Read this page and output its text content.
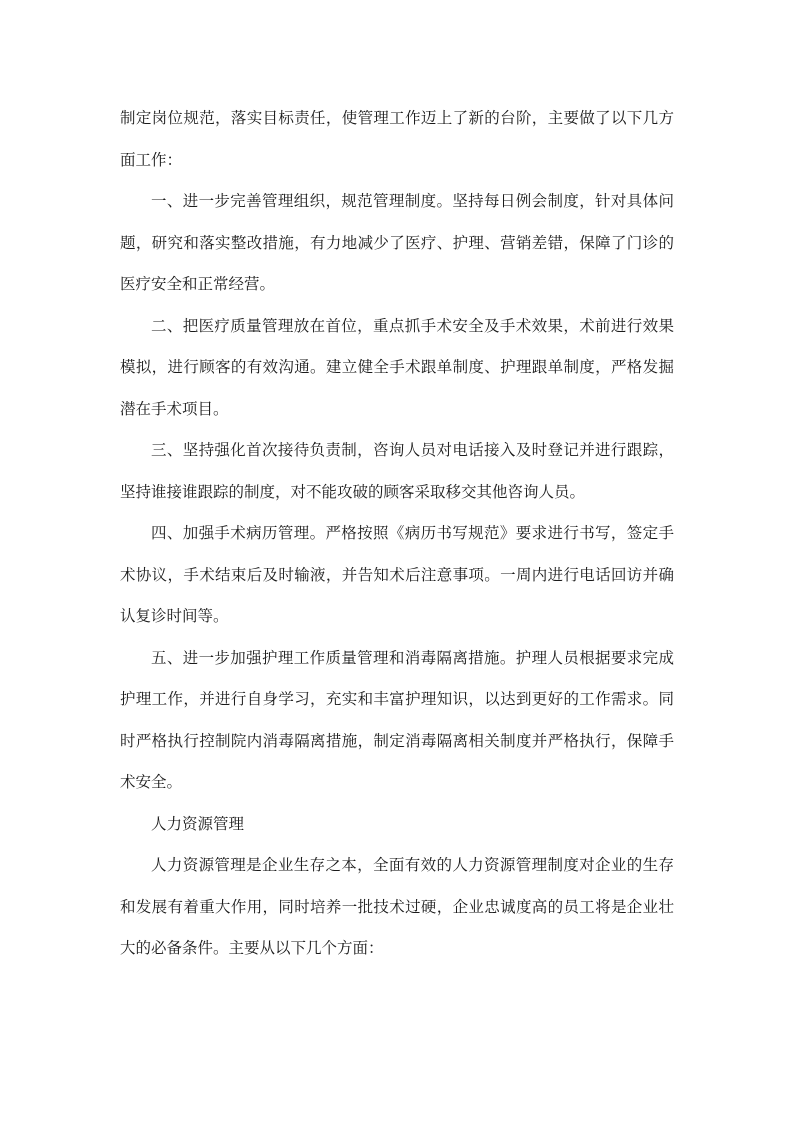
制定岗位规范，落实目标责任，使管理工作迈上了新的台阶，主要做了以下几方面工作：

一、进一步完善管理组织，规范管理制度。坚持每日例会制度，针对具体问题，研究和落实整改措施，有力地减少了医疗、护理、营销差错，保障了门诊的医疗安全和正常经营。

二、把医疗质量管理放在首位，重点抓手术安全及手术效果，术前进行效果模拟，进行顾客的有效沟通。建立健全手术跟单制度、护理跟单制度，严格发掘潜在手术项目。

三、坚持强化首次接待负责制，咨询人员对电话接入及时登记并进行跟踪，坚持谁接谁跟踪的制度，对不能攻破的顾客采取移交其他咨询人员。

四、加强手术病历管理。严格按照《病历书写规范》要求进行书写，签定手术协议，手术结束后及时输液，并告知术后注意事项。一周内进行电话回访并确认复诊时间等。

五、进一步加强护理工作质量管理和消毒隔离措施。护理人员根据要求完成护理工作，并进行自身学习，充实和丰富护理知识，以达到更好的工作需求。同时严格执行控制院内消毒隔离措施，制定消毒隔离相关制度并严格执行，保障手术安全。

人力资源管理

人力资源管理是企业生存之本，全面有效的人力资源管理制度对企业的生存和发展有着重大作用，同时培养一批技术过硬，企业忠诚度高的员工将是企业壮大的必备条件。主要从以下几个方面：
